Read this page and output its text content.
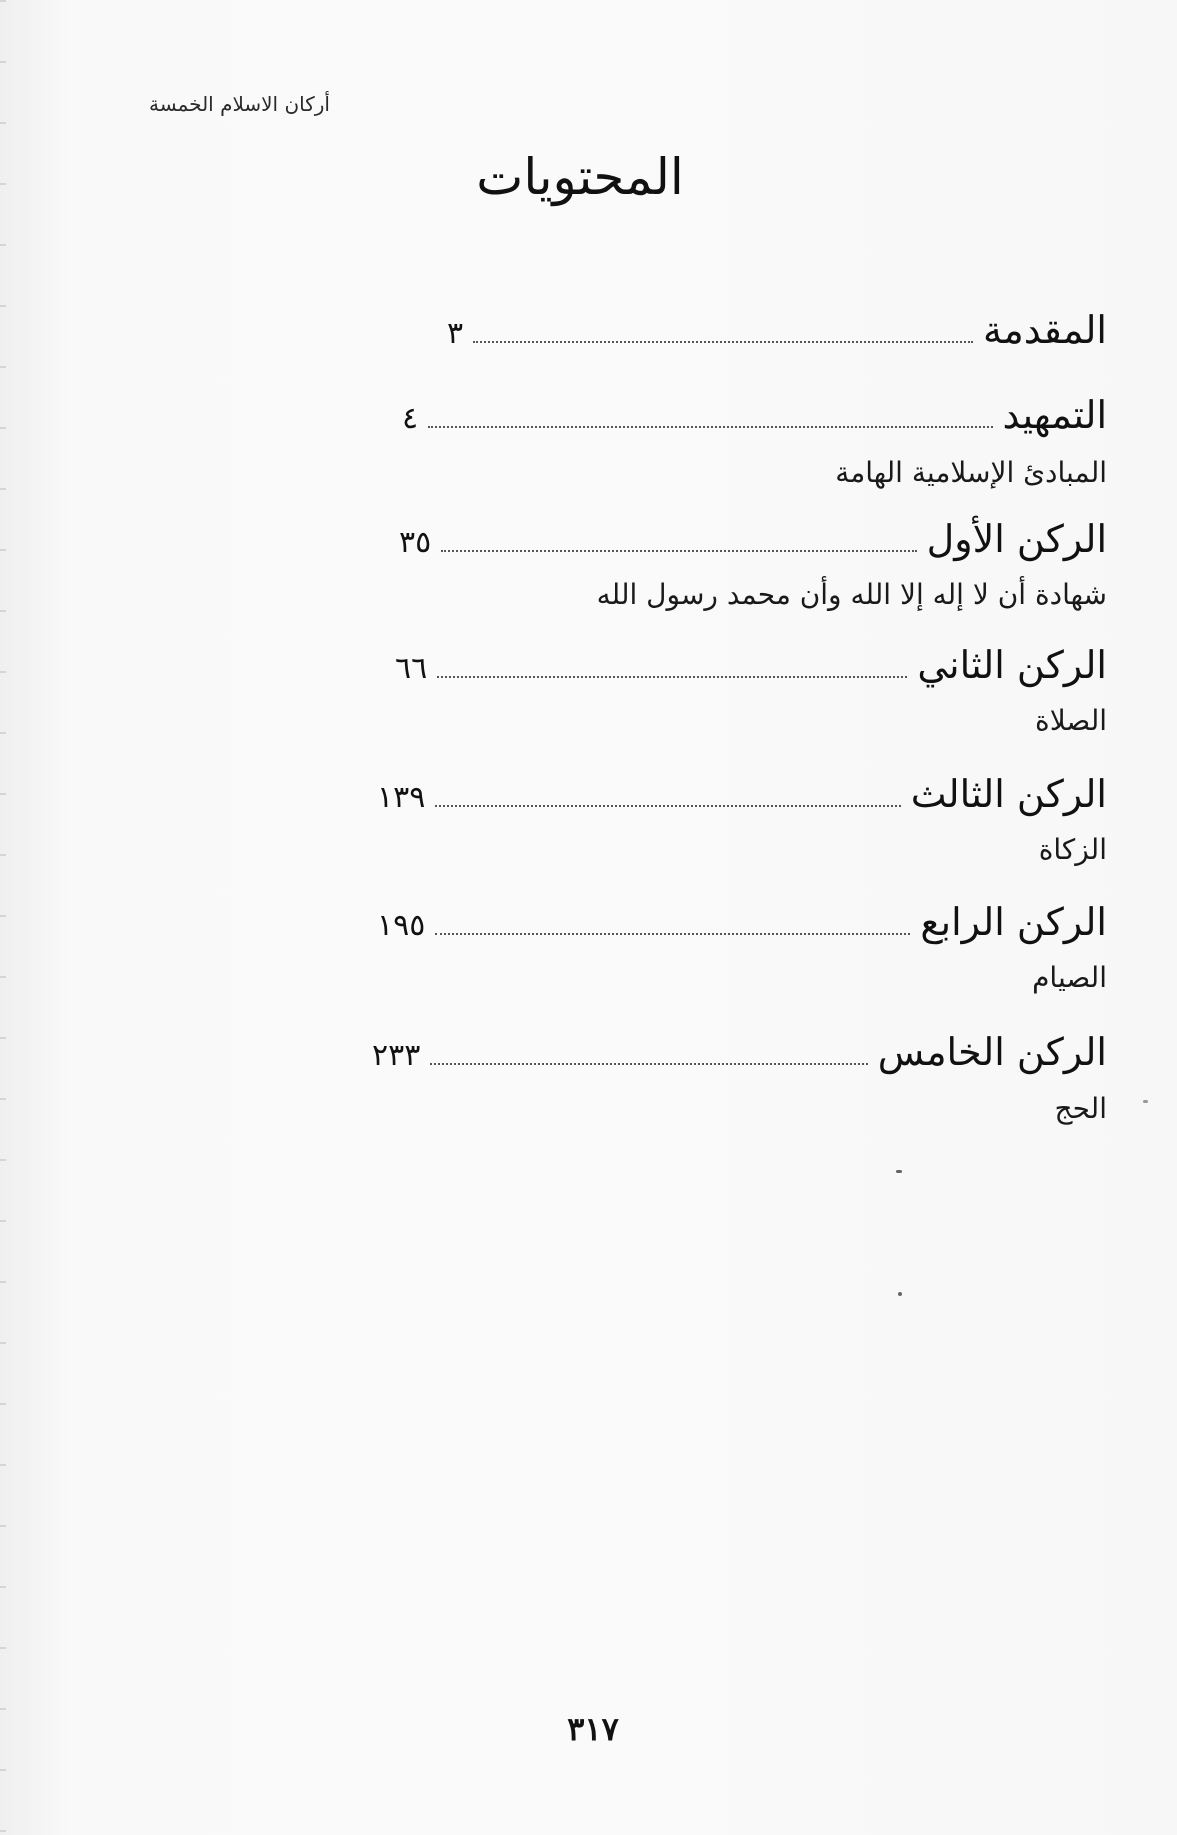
أركان الاسلام الخمسة
المحتويات
المقدمة
٣
التمهيد
٤
المبادئ الإسلامية الهامة
الركن الأول
٣٥
شهادة أن لا إله إلا الله وأن محمد رسول الله
الركن الثاني
٦٦
الصلاة
الركن الثالث
١٣٩
الزكاة
الركن الرابع
١٩٥
الصيام
الركن الخامس
٢٣٣
الحج
٣١٧
